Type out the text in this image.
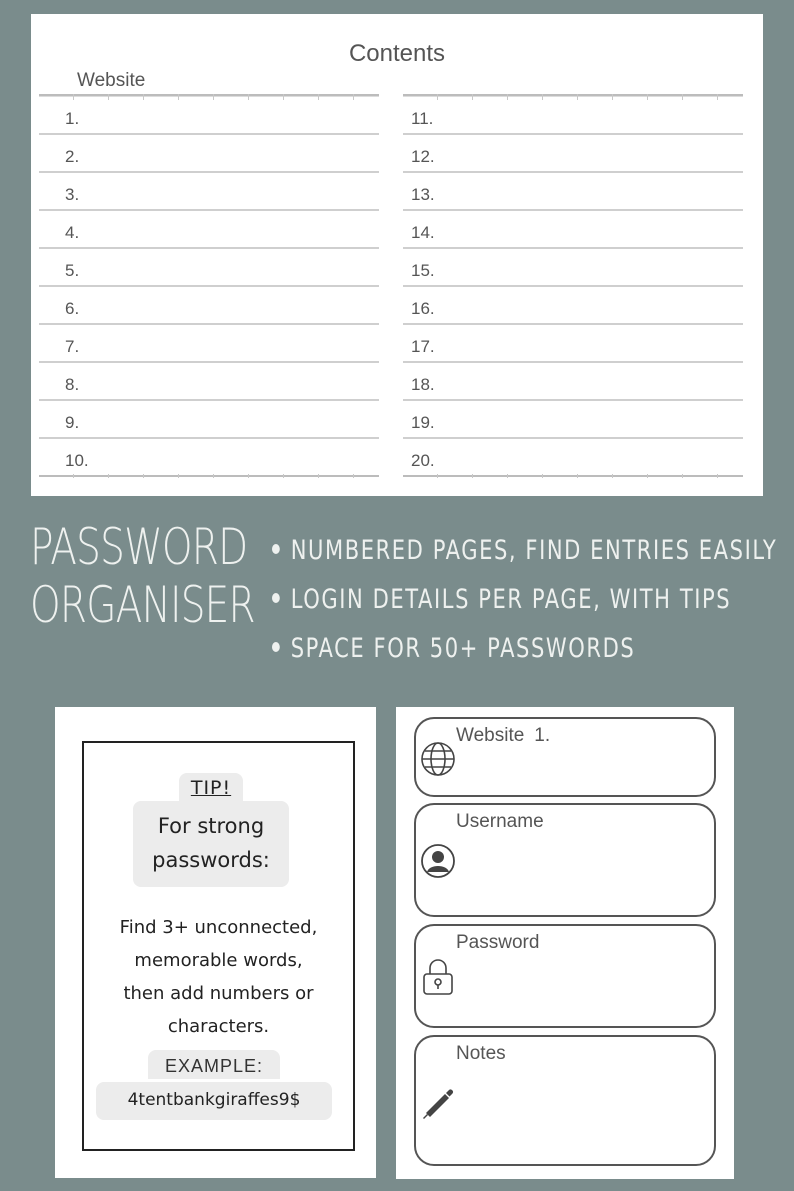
Contents
Website
1.
2.
3.
4.
5.
6.
7.
8.
9.
10.
11.
12.
13.
14.
15.
16.
17.
18.
19.
20.
PASSWORD
ORGANISER
NUMBERED PAGES, FIND ENTRIES EASILY
LOGIN DETAILS PER PAGE, WITH TIPS
SPACE FOR 50+ PASSWORDS
TIP!
For strong
passwords:
Find 3+ unconnected,
memorable words,
then add numbers or
characters.
EXAMPLE:
4tentbankgiraffes9$
Website 1.
Username
Password
Notes
